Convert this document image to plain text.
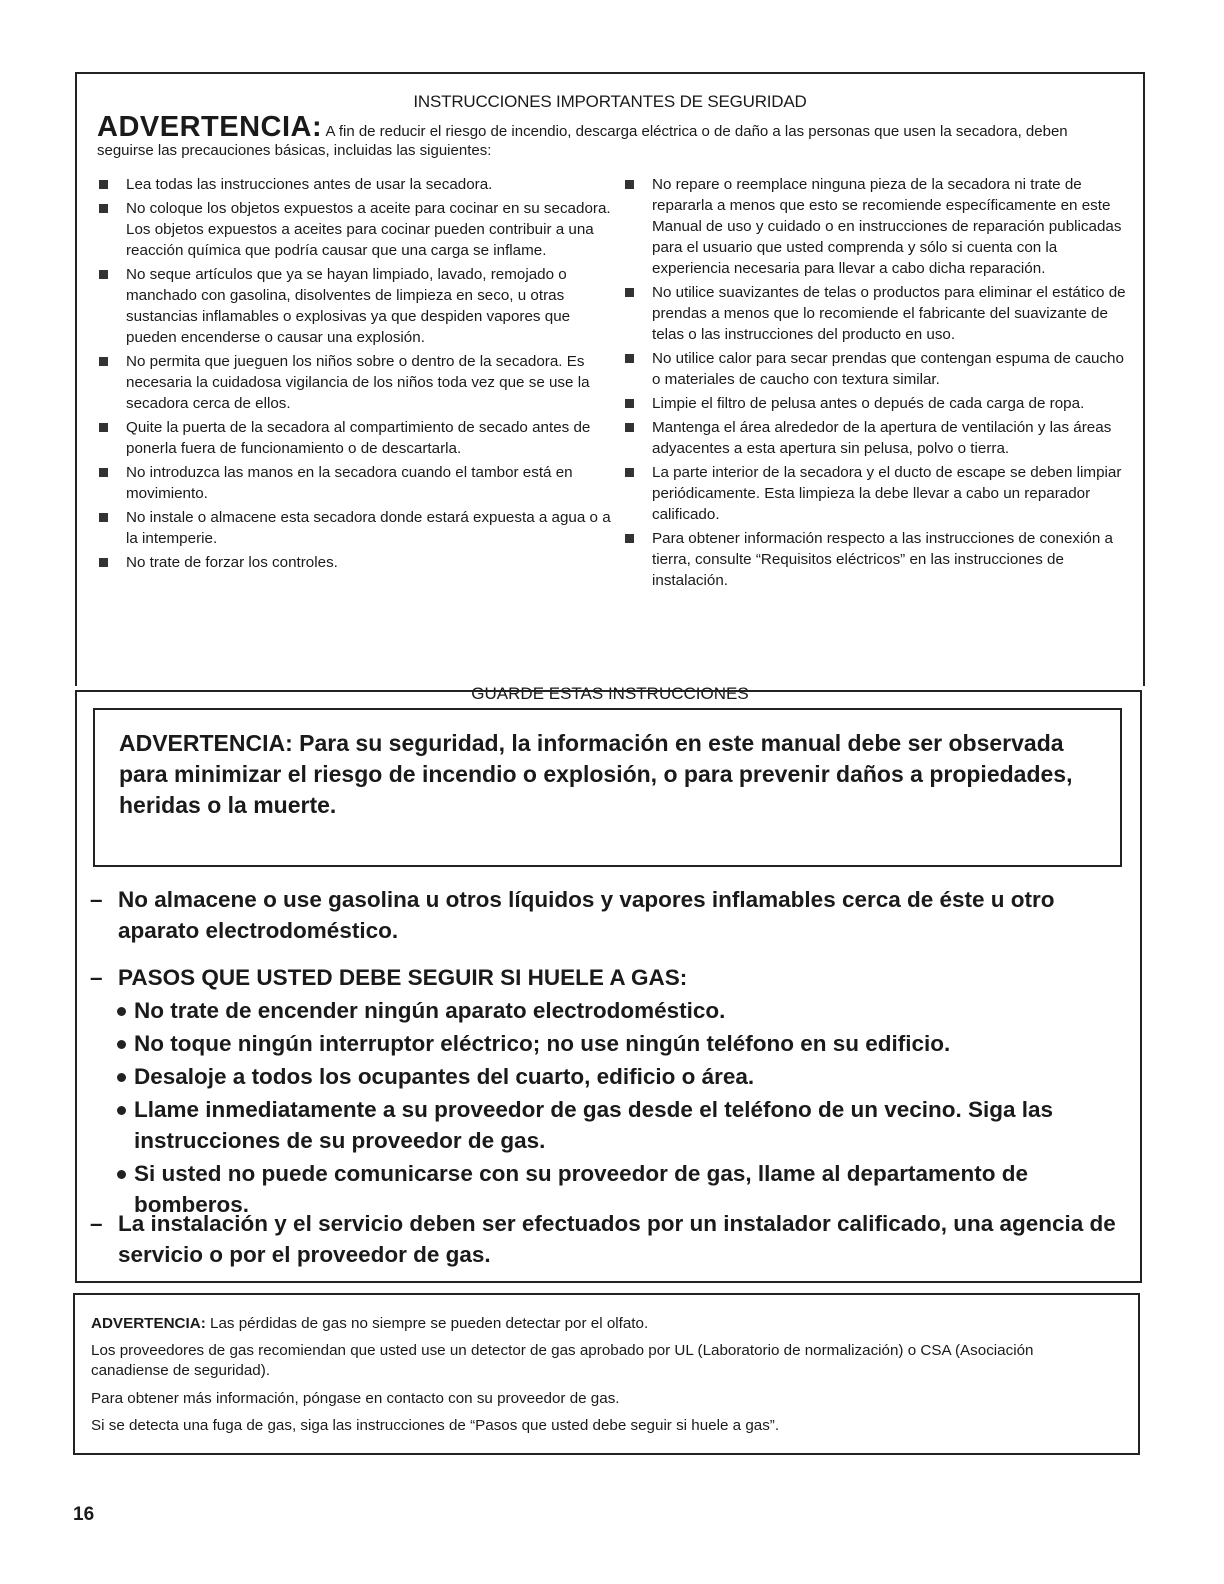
INSTRUCCIONES IMPORTANTES DE SEGURIDAD
ADVERTENCIA: A fin de reducir el riesgo de incendio, descarga eléctrica o de daño a las personas que usen la secadora, deben seguirse las precauciones básicas, incluidas las siguientes:
Lea todas las instrucciones antes de usar la secadora.
No coloque los objetos expuestos a aceite para cocinar en su secadora. Los objetos expuestos a aceites para cocinar pueden contribuir a una reacción química que podría causar que una carga se inflame.
No seque artículos que ya se hayan limpiado, lavado, remojado o manchado con gasolina, disolventes de limpieza en seco, u otras sustancias inflamables o explosivas ya que despiden vapores que pueden encenderse o causar una explosión.
No permita que jueguen los niños sobre o dentro de la secadora. Es necesaria la cuidadosa vigilancia de los niños toda vez que se use la secadora cerca de ellos.
Quite la puerta de la secadora al compartimiento de secado antes de ponerla fuera de funcionamiento o de descartarla.
No introduzca las manos en la secadora cuando el tambor está en movimiento.
No instale o almacene esta secadora donde estará expuesta a agua o a la intemperie.
No trate de forzar los controles.
No repare o reemplace ninguna pieza de la secadora ni trate de repararla a menos que esto se recomiende específicamente en este Manual de uso y cuidado o en instrucciones de reparación publicadas para el usuario que usted comprenda y sólo si cuenta con la experiencia necesaria para llevar a cabo dicha reparación.
No utilice suavizantes de telas o productos para eliminar el estático de prendas a menos que lo recomiende el fabricante del suavizante de telas o las instrucciones del producto en uso.
No utilice calor para secar prendas que contengan espuma de caucho o materiales de caucho con textura similar.
Limpie el filtro de pelusa antes o depués de cada carga de ropa.
Mantenga el área alrededor de la apertura de ventilación y las áreas adyacentes a esta apertura sin pelusa, polvo o tierra.
La parte interior de la secadora y el ducto de escape se deben limpiar periódicamente. Esta limpieza la debe llevar a cabo un reparador calificado.
Para obtener información respecto a las instrucciones de conexión a tierra, consulte “Requisitos eléctricos” en las instrucciones de instalación.
GUARDE ESTAS INSTRUCCIONES

ADVERTENCIA: Para su seguridad, la información en este manual debe ser observada para minimizar el riesgo de incendio o explosión, o para prevenir daños a propiedades, heridas o la muerte.

– No almacene o use gasolina u otros líquidos y vapores inflamables cerca de éste u otro aparato electrodoméstico.
– PASOS QUE USTED DEBE SEGUIR SI HUELE A GAS:
No trate de encender ningún aparato electrodoméstico.
No toque ningún interruptor eléctrico; no use ningún teléfono en su edificio.
Desaloje a todos los ocupantes del cuarto, edificio o área.
Llame inmediatamente a su proveedor de gas desde el teléfono de un vecino. Siga las instrucciones de su proveedor de gas.
Si usted no puede comunicarse con su proveedor de gas, llame al departamento de bomberos.
– La instalación y el servicio deben ser efectuados por un instalador calificado, una agencia de servicio o por el proveedor de gas.

ADVERTENCIA: Las pérdidas de gas no siempre se pueden detectar por el olfato.

Los proveedores de gas recomiendan que usted use un detector de gas aprobado por UL (Laboratorio de normalización) o CSA (Asociación canadiense de seguridad).

Para obtener más información, póngase en contacto con su proveedor de gas.

Si se detecta una fuga de gas, siga las instrucciones de “Pasos que usted debe seguir si huele a gas”.

16
